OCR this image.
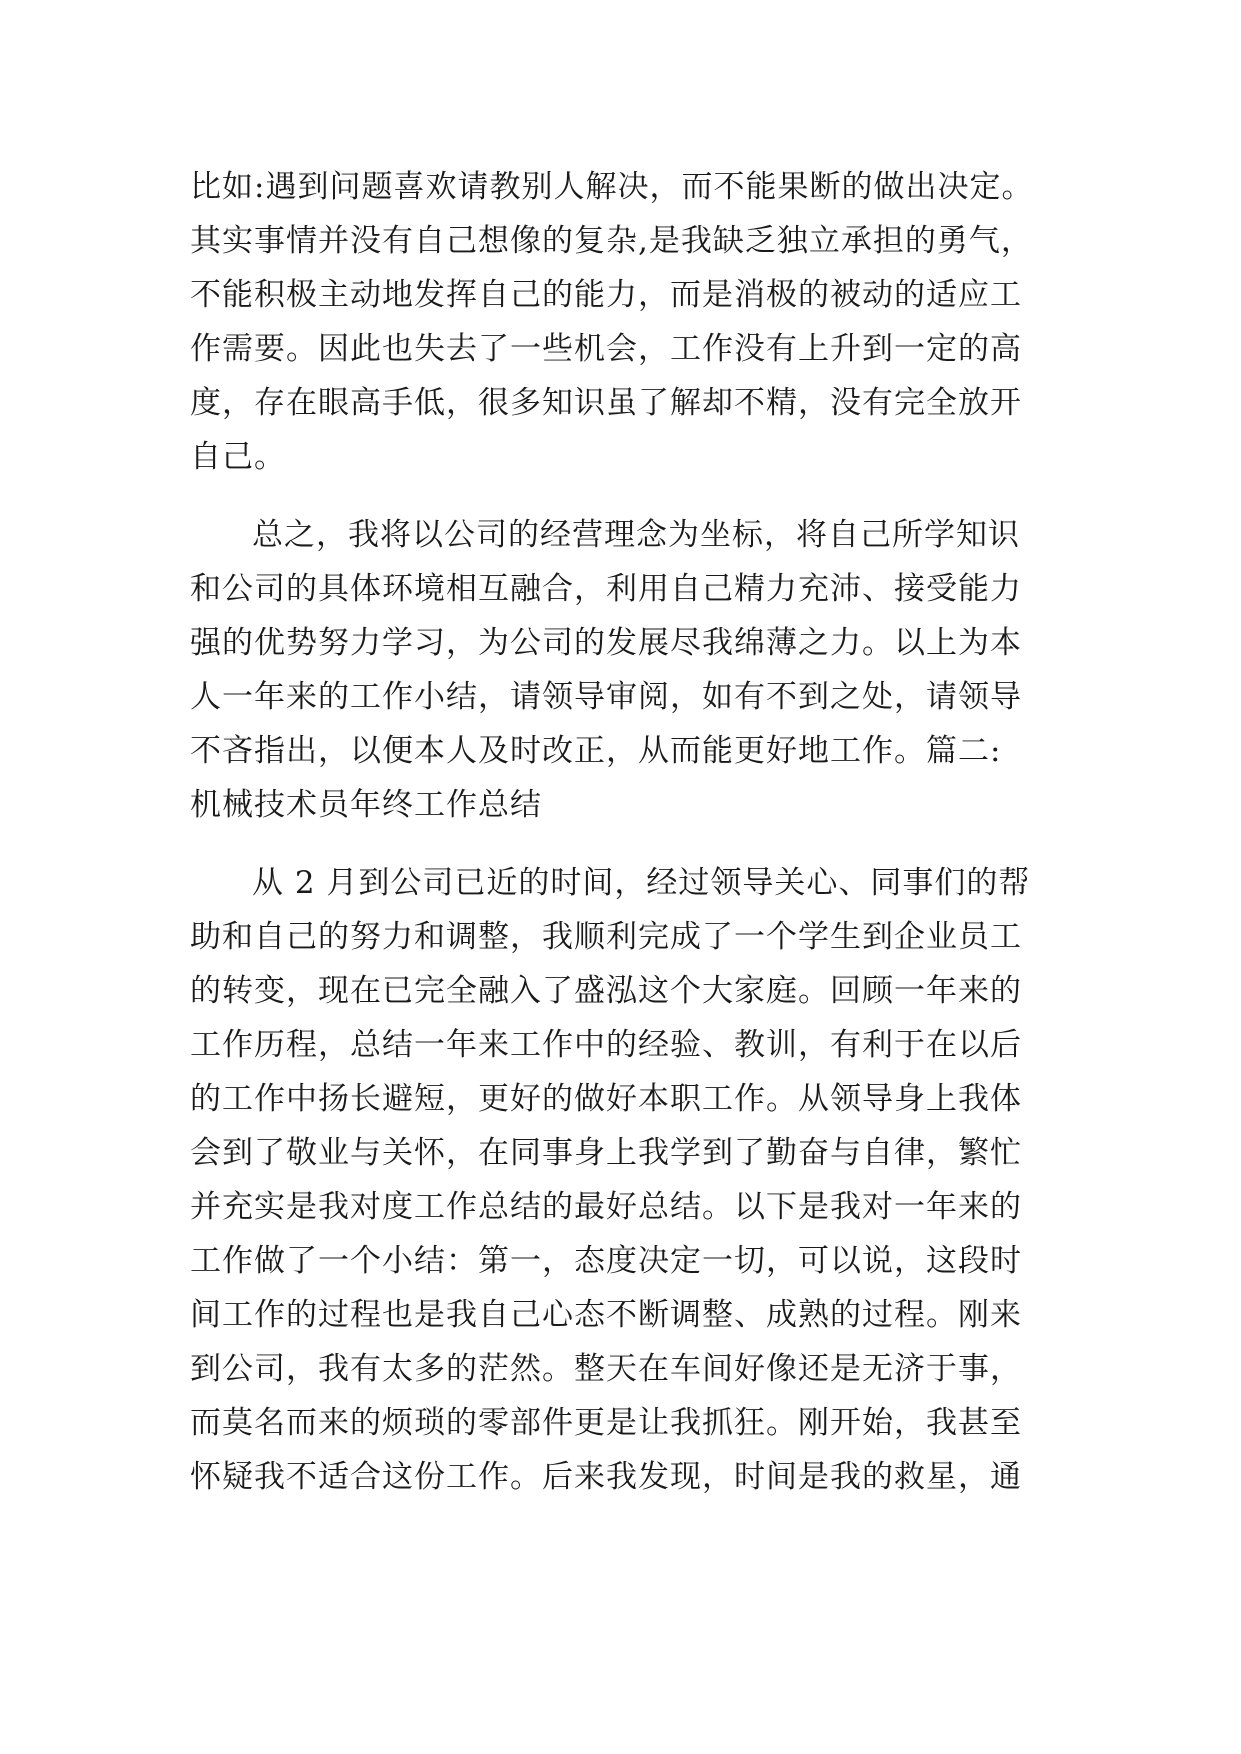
比如:遇到问题喜欢请教别人解决，而不能果断的做出决定。
其实事情并没有自己想像的复杂,是我缺乏独立承担的勇气，
不能积极主动地发挥自己的能力，而是消极的被动的适应工
作需要。因此也失去了一些机会，工作没有上升到一定的高
度，存在眼高手低，很多知识虽了解却不精，没有完全放开
自己。
总之，我将以公司的经营理念为坐标，将自己所学知识
和公司的具体环境相互融合，利用自己精力充沛、接受能力
强的优势努力学习，为公司的发展尽我绵薄之力。以上为本
人一年来的工作小结，请领导审阅，如有不到之处，请领导
不吝指出，以便本人及时改正，从而能更好地工作。篇二:
机械技术员年终工作总结
从 2 月到公司已近的时间，经过领导关心、同事们的帮
助和自己的努力和调整，我顺利完成了一个学生到企业员工
的转变，现在已完全融入了盛泓这个大家庭。回顾一年来的
工作历程，总结一年来工作中的经验、教训，有利于在以后
的工作中扬长避短，更好的做好本职工作。从领导身上我体
会到了敬业与关怀，在同事身上我学到了勤奋与自律，繁忙
并充实是我对度工作总结的最好总结。以下是我对一年来的
工作做了一个小结：第一，态度决定一切，可以说，这段时
间工作的过程也是我自己心态不断调整、成熟的过程。刚来
到公司，我有太多的茫然。整天在车间好像还是无济于事，
而莫名而来的烦琐的零部件更是让我抓狂。刚开始，我甚至
怀疑我不适合这份工作。后来我发现，时间是我的救星，通
